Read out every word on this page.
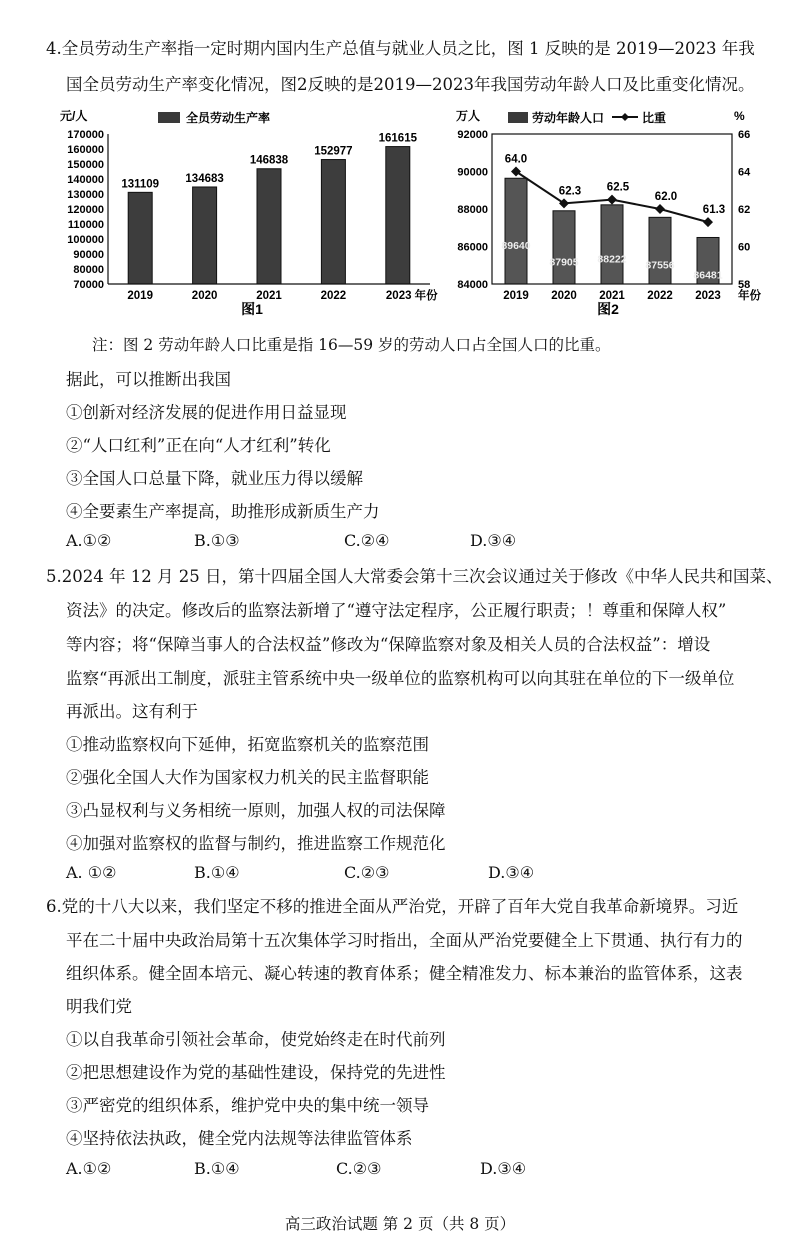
4.全员劳动生产率指一定时期内国内生产总值与就业人员之比，图 1 反映的是 2019—2023 年我
国全员劳动生产率变化情况，图2反映的是2019—2023年我国劳动年龄人口及比重变化情况。
131109 134683
146838
152977
161615
70000
80000
90000
100000
110000
120000
130000
140000
150000
160000
170000
2019	2020	2021	2022	2023 年份
元/人	全员劳动生产率
图1
89640
87905 88222
87556
86481
64.0
62.3 62.5
62.0
61.3
84000
86000
88000
90000
92000
58
60
62
64
66
2019 2020 2021 2022 2023 年份
万人	%
劳动年龄人口	比重
图2
注：图 2 劳动年龄人口比重是指 16—59 岁的劳动人口占全国人口的比重。
据此，可以推断出我国
①创新对经济发展的促进作用日益显现
②“人口红利”正在向“人才红利”转化
③全国人口总量下降，就业压力得以缓解
④全要素生产率提高，助推形成新质生产力
A.①②	B.①③	C.②④	D.③④
5.2024 年 12 月 25 日，第十四届全国人大常委会第十三次会议通过关于修改《中华人民共和国菜、
资法》的决定。修改后的监察法新增了“遵守法定程序，公正履行职责；！尊重和保障人权”
等内容；将“保障当事人的合法权益”修改为“保障监察对象及相关人员的合法权益”：增设
监察“再派出工制度，派驻主管系统中央一级单位的监察机构可以向其驻在单位的下一级单位
再派出。这有利于
①推动监察权向下延伸，拓宽监察机关的监察范围
②强化全国人大作为国家权力机关的民主监督职能
③凸显权利与义务相统一原则，加强人权的司法保障
④加强对监察权的监督与制约，推进监察工作规范化
A. ①②	B.①④	C.②③	D.③④
6.党的十八大以来，我们坚定不移的推进全面从严治党，开辟了百年大党自我革命新境界。习近
平在二十届中央政治局第十五次集体学习时指出，全面从严治党要健全上下贯通、执行有力的
组织体系。健全固本培元、凝心转速的教育体系；健全精准发力、标本兼治的监管体系，这表
明我们党
①以自我革命引领社会革命，使党始终走在时代前列
②把思想建设作为党的基础性建设，保持党的先进性
③严密党的组织体系，维护党中央的集中统一领导
④坚持依法执政，健全党内法规等法律监管体系
A.①②	B.①④	C.②③	D.③④
高三政治试题 第 2 页（共 8 页）
